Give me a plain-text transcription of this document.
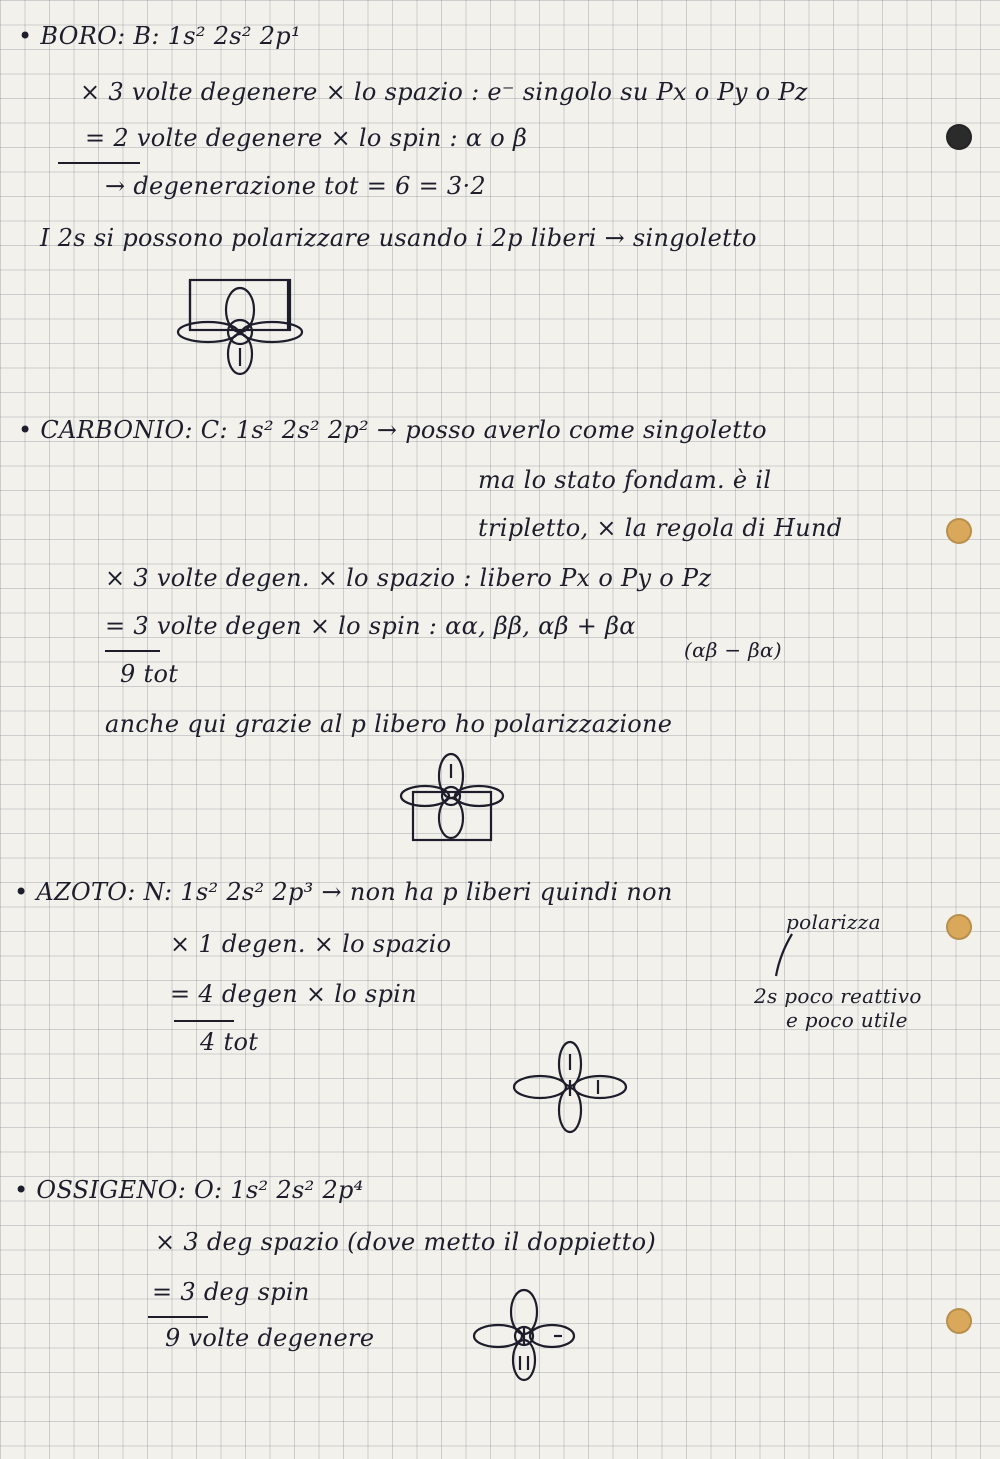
• BORO: B: 1s² 2s² 2p¹
× 3 volte degenere × lo spazio : e⁻ singolo su Px o Py o Pz
= 2 volte degenere × lo spin : α o β
→ degenerazione tot = 6 = 3·2
I 2s si possono polarizzare usando i 2p liberi → singoletto
• CARBONIO: C: 1s² 2s² 2p² → posso averlo come singoletto
ma lo stato fondam. è il
tripletto, × la regola di Hund
× 3 volte degen. × lo spazio : libero Px o Py o Pz
= 3 volte degen × lo spin : αα, ββ, αβ + βα
(αβ − βα)
9 tot
anche qui grazie al p libero ho polarizzazione
• AZOTO: N: 1s² 2s² 2p³ → non ha p liberi quindi non
polarizza
× 1 degen. × lo spazio
= 4 degen × lo spin	2s poco reattivo
e poco utile
4 tot
• OSSIGENO: O: 1s² 2s² 2p⁴
× 3 deg spazio (dove metto il doppietto)
= 3 deg spin
9 volte degenere
